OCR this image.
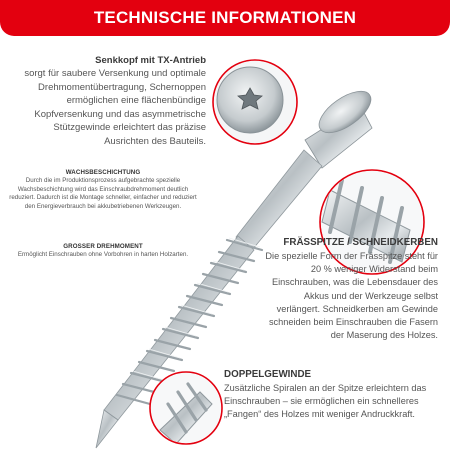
TECHNISCHE INFORMATIONEN
Senkkopf mit TX-Antrieb
sorgt für saubere Versenkung und optimale Drehmomentübertragung, Schernoppen ermöglichen eine flächenbündige Kopfversenkung und das asymmetrische Stützgewinde erleichtert das präzise Ausrichten des Bauteils.
WACHSBESCHICHTUNG
Durch die im Produktionsprozess aufgebrachte spezielle Wachsbeschichtung wird das Einschraubdrehmoment deutlich reduziert. Dadurch ist die Montage schneller, einfacher und reduziert den Energieverbrauch bei akkubetriebenen Werkzeugen.
GROSSER DREHMOMENT
Ermöglicht Einschrauben ohne Vorbohren in harten Holzarten.
FRÄSSPITZE / SCHNEIDKERBEN
Die spezielle Form der Frässpitze steht für 20 % weniger Widerstand beim Einschrauben, was die Lebensdauer des Akkus und der Werkzeuge selbst verlängert. Schneidkerben am Gewinde schneiden beim Einschrauben die Fasern der Maserung des Holzes.
DOPPELGEWINDE
Zusätzliche Spiralen an der Spitze erleichtern das Einschrauben – sie ermöglichen ein schnelleres „Fangen“ des Holzes mit weniger Andruckkraft.
